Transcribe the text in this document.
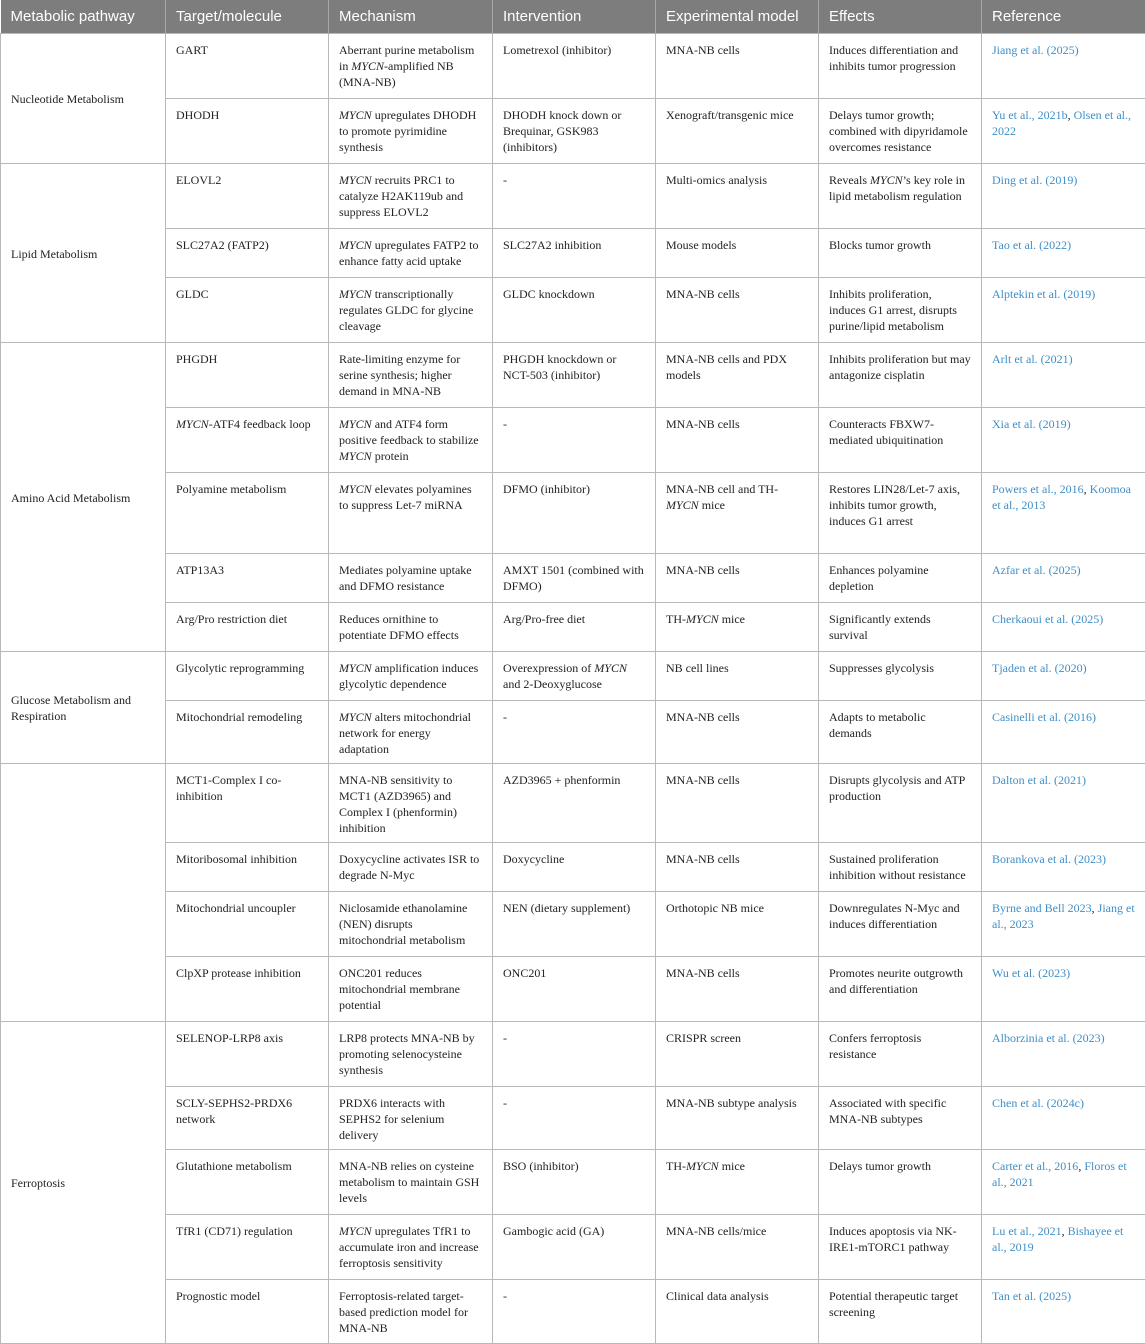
Metabolic pathway	Target/molecule	Mechanism	Intervention	Experimental model	Effects	Reference
Nucleotide Metabolism	GART	Aberrant purine metabolism in MYCN-amplified NB (MNA-NB)	Lometrexol (inhibitor)	MNA-NB cells	Induces differentiation and inhibits tumor progression	Jiang et al. (2025)
	DHODH	MYCN upregulates DHODH to promote pyrimidine synthesis	DHODH knock down or Brequinar, GSK983 (inhibitors)	Xenograft/transgenic mice	Delays tumor growth; combined with dipyridamole overcomes resistance	Yu et al., 2021b, Olsen et al., 2022
Lipid Metabolism	ELOVL2	MYCN recruits PRC1 to catalyze H2AK119ub and suppress ELOVL2	-	Multi-omics analysis	Reveals MYCN’s key role in lipid metabolism regulation	Ding et al. (2019)
	SLC27A2 (FATP2)	MYCN upregulates FATP2 to enhance fatty acid uptake	SLC27A2 inhibition	Mouse models	Blocks tumor growth	Tao et al. (2022)
	GLDC	MYCN transcriptionally regulates GLDC for glycine cleavage	GLDC knockdown	MNA-NB cells	Inhibits proliferation, induces G1 arrest, disrupts purine/lipid metabolism	Alptekin et al. (2019)
Amino Acid Metabolism	PHGDH	Rate-limiting enzyme for serine synthesis; higher demand in MNA-NB	PHGDH knockdown or NCT-503 (inhibitor)	MNA-NB cells and PDX models	Inhibits proliferation but may antagonize cisplatin	Arlt et al. (2021)
	MYCN-ATF4 feedback loop	MYCN and ATF4 form positive feedback to stabilize MYCN protein	-	MNA-NB cells	Counteracts FBXW7-mediated ubiquitination	Xia et al. (2019)
	Polyamine metabolism	MYCN elevates polyamines to suppress Let-7 miRNA	DFMO (inhibitor)	MNA-NB cell and TH-MYCN mice	Restores LIN28/Let-7 axis, inhibits tumor growth, induces G1 arrest	Powers et al., 2016, Koomoa et al., 2013
	ATP13A3	Mediates polyamine uptake and DFMO resistance	AMXT 1501 (combined with DFMO)	MNA-NB cells	Enhances polyamine depletion	Azfar et al. (2025)
	Arg/Pro restriction diet	Reduces ornithine to potentiate DFMO effects	Arg/Pro-free diet	TH-MYCN mice	Significantly extends survival	Cherkaoui et al. (2025)
Glucose Metabolism and Respiration	Glycolytic reprogramming	MYCN amplification induces glycolytic dependence	Overexpression of MYCN and 2-Deoxyglucose	NB cell lines	Suppresses glycolysis	Tjaden et al. (2020)
	Mitochondrial remodeling	MYCN alters mitochondrial network for energy adaptation	-	MNA-NB cells	Adapts to metabolic demands	Casinelli et al. (2016)
	MCT1-Complex I co-inhibition	MNA-NB sensitivity to MCT1 (AZD3965) and Complex I (phenformin) inhibition	AZD3965 + phenformin	MNA-NB cells	Disrupts glycolysis and ATP production	Dalton et al. (2021)
	Mitoribosomal inhibition	Doxycycline activates ISR to degrade N-Myc	Doxycycline	MNA-NB cells	Sustained proliferation inhibition without resistance	Borankova et al. (2023)
	Mitochondrial uncoupler	Niclosamide ethanolamine (NEN) disrupts mitochondrial metabolism	NEN (dietary supplement)	Orthotopic NB mice	Downregulates N-Myc and induces differentiation	Byrne and Bell 2023, Jiang et al., 2023
	ClpXP protease inhibition	ONC201 reduces mitochondrial membrane potential	ONC201	MNA-NB cells	Promotes neurite outgrowth and differentiation	Wu et al. (2023)
Ferroptosis	SELENOP-LRP8 axis	LRP8 protects MNA-NB by promoting selenocysteine synthesis	-	CRISPR screen	Confers ferroptosis resistance	Alborzinia et al. (2023)
	SCLY-SEPHS2-PRDX6 network	PRDX6 interacts with SEPHS2 for selenium delivery	-	MNA-NB subtype analysis	Associated with specific MNA-NB subtypes	Chen et al. (2024c)
	Glutathione metabolism	MNA-NB relies on cysteine metabolism to maintain GSH levels	BSO (inhibitor)	TH-MYCN mice	Delays tumor growth	Carter et al., 2016, Floros et al., 2021
	TfR1 (CD71) regulation	MYCN upregulates TfR1 to accumulate iron and increase ferroptosis sensitivity	Gambogic acid (GA)	MNA-NB cells/mice	Induces apoptosis via NK-IRE1-mTORC1 pathway	Lu et al., 2021, Bishayee et al., 2019
	Prognostic model	Ferroptosis-related target-based prediction model for MNA-NB	-	Clinical data analysis	Potential therapeutic target screening	Tan et al. (2025)
